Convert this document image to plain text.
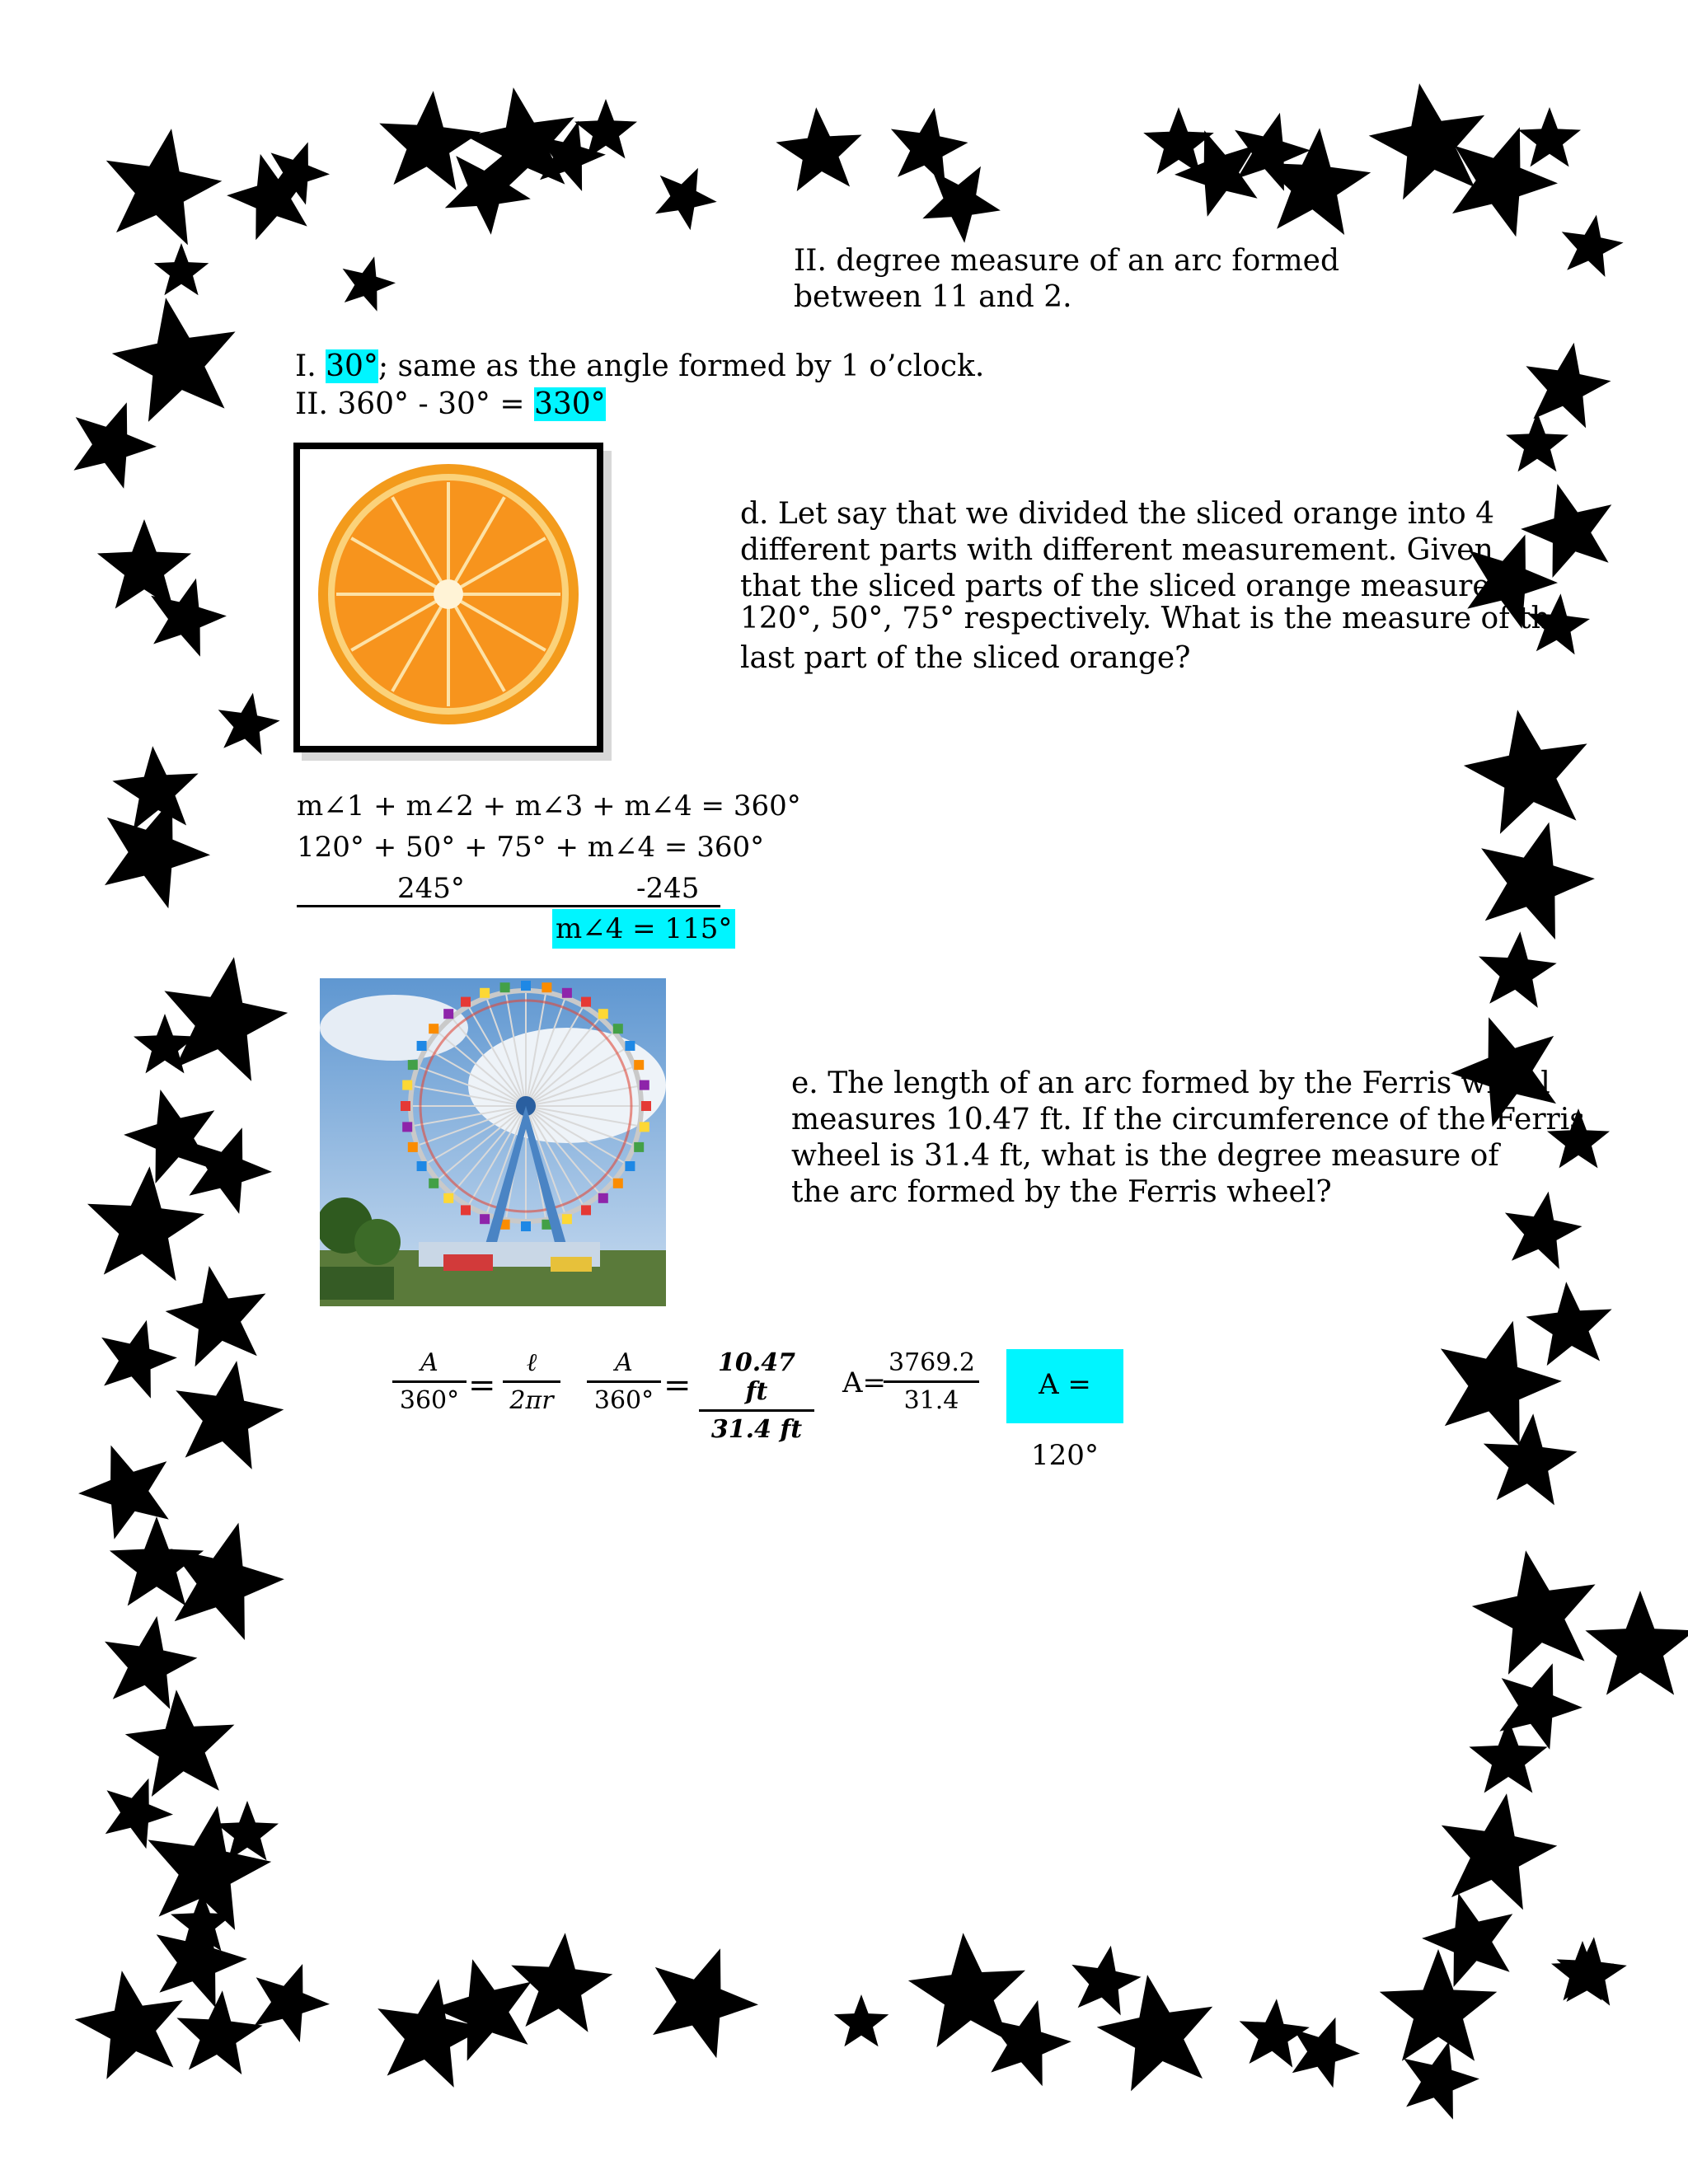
II. degree measure of an arc formed
between 11 and 2.
I. 30°; same as the angle formed by 1 o’clock.
II. 360° - 30° = 330°
d. Let say that we divided the sliced orange into 4
different parts with different measurement. Given
that the sliced parts of the sliced orange measure
120°, 50°, 75° respectively. What is the measure of the
last part of the sliced orange?
m∠1 + m∠2 + m∠3 + m∠4 = 360°
120° + 50° + 75° + m∠4 = 360°
245°	-245
m∠4 = 115°
e
e. The length of an arc formed by the Ferris wheel
measures 10.47 ft. If the circumference of the Ferris
wheel is 31.4 ft, what is the degree measure of
the arc formed by the Ferris wheel?
$\frac{A}{360^\circ}$ =
ℓ
$2\pi r \frac{A}{360^\circ} = \frac{10.47 ft}{31.4 ft} A=$
$\frac{3769.2}{31.4}$	A = 120°
